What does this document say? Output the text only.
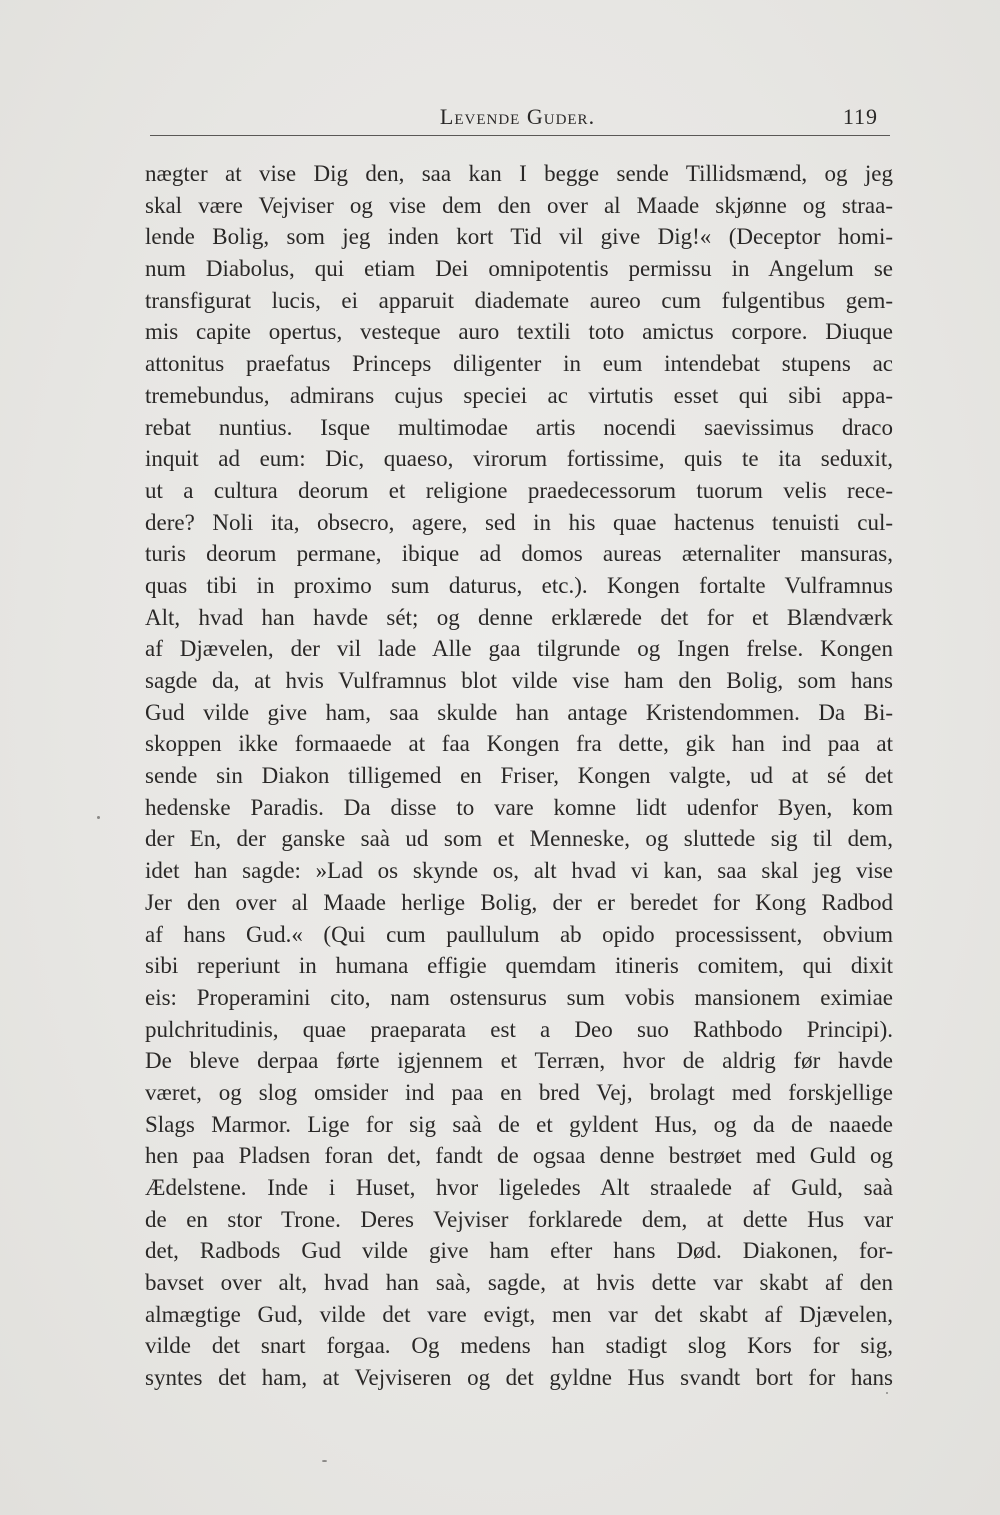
Levende Guder.	119
nægter at vise Dig den, saa kan I begge sende Tillidsmænd, og jeg
skal være Vejviser og vise dem den over al Maade skjønne og straa-
lende Bolig, som jeg inden kort Tid vil give Dig!« (Deceptor homi-
num Diabolus, qui etiam Dei omnipotentis permissu in Angelum se
transfigurat lucis, ei apparuit diademate aureo cum fulgentibus gem-
mis capite opertus, vesteque auro textili toto amictus corpore. Diuque
attonitus praefatus Princeps diligenter in eum intendebat stupens ac
tremebundus, admirans cujus speciei ac virtutis esset qui sibi appa-
rebat nuntius. Isque multimodae artis nocendi saevissimus draco
inquit ad eum: Dic, quaeso, virorum fortissime, quis te ita seduxit,
ut a cultura deorum et religione praedecessorum tuorum velis rece-
dere? Noli ita, obsecro, agere, sed in his quae hactenus tenuisti cul-
turis deorum permane, ibique ad domos aureas æternaliter mansuras,
quas tibi in proximo sum daturus, etc.). Kongen fortalte Vulframnus
Alt, hvad han havde sét; og denne erklærede det for et Blændværk
af Djævelen, der vil lade Alle gaa tilgrunde og Ingen frelse. Kongen
sagde da, at hvis Vulframnus blot vilde vise ham den Bolig, som hans
Gud vilde give ham, saa skulde han antage Kristendommen. Da Bi-
skoppen ikke formaaede at faa Kongen fra dette, gik han ind paa at
sende sin Diakon tilligemed en Friser, Kongen valgte, ud at sé det
hedenske Paradis. Da disse to vare komne lidt udenfor Byen, kom
der En, der ganske saà ud som et Menneske, og sluttede sig til dem,
idet han sagde: »Lad os skynde os, alt hvad vi kan, saa skal jeg vise
Jer den over al Maade herlige Bolig, der er beredet for Kong Radbod
af hans Gud.« (Qui cum paullulum ab opido processissent, obvium
sibi reperiunt in humana effigie quemdam itineris comitem, qui dixit
eis: Properamini cito, nam ostensurus sum vobis mansionem eximiae
pulchritudinis, quae praeparata est a Deo suo Rathbodo Principi).
De bleve derpaa førte igjennem et Terræn, hvor de aldrig før havde
været, og slog omsider ind paa en bred Vej, brolagt med forskjellige
Slags Marmor. Lige for sig saà de et gyldent Hus, og da de naaede
hen paa Pladsen foran det, fandt de ogsaa denne bestrøet med Guld og
Ædelstene. Inde i Huset, hvor ligeledes Alt straalede af Guld, saà
de en stor Trone. Deres Vejviser forklarede dem, at dette Hus var
det, Radbods Gud vilde give ham efter hans Død. Diakonen, for-
bavset over alt, hvad han saà, sagde, at hvis dette var skabt af den
almægtige Gud, vilde det vare evigt, men var det skabt af Djævelen,
vilde det snart forgaa. Og medens han stadigt slog Kors for sig,
syntes det ham, at Vejviseren og det gyldne Hus svandt bort for hans
